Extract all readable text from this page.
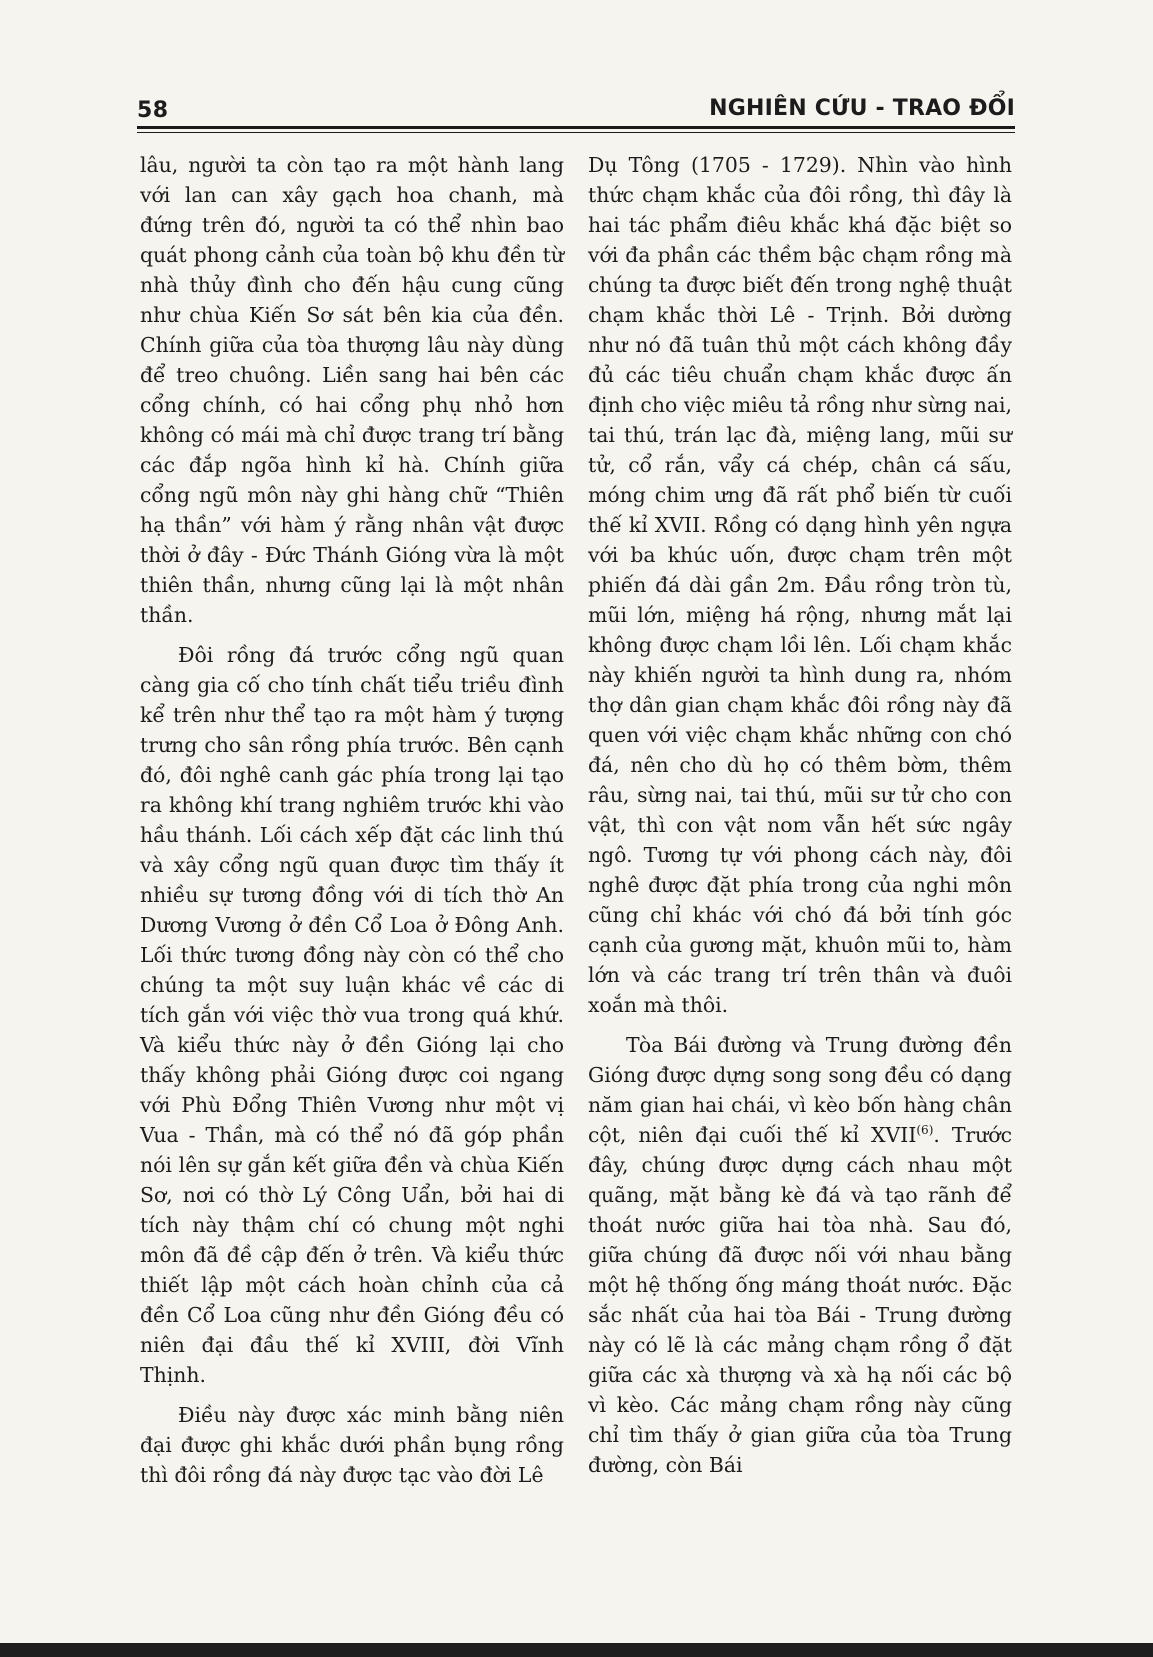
58	NGHIÊN CỨU - TRAO ĐỔI

lâu, người ta còn tạo ra một hành lang với lan can xây gạch hoa chanh, mà đứng trên đó, người ta có thể nhìn bao quát phong cảnh của toàn bộ khu đền từ nhà thủy đình cho đến hậu cung cũng như chùa Kiến Sơ sát bên kia của đền. Chính giữa của tòa thượng lâu này dùng để treo chuông. Liền sang hai bên các cổng chính, có hai cổng phụ nhỏ hơn không có mái mà chỉ được trang trí bằng các đắp ngõa hình kỉ hà. Chính giữa cổng ngũ môn này ghi hàng chữ “Thiên hạ thần” với hàm ý rằng nhân vật được thời ở đây - Đức Thánh Gióng vừa là một thiên thần, nhưng cũng lại là một nhân thần.

Đôi rồng đá trước cổng ngũ quan càng gia cố cho tính chất tiểu triều đình kể trên như thể tạo ra một hàm ý tượng trưng cho sân rồng phía trước. Bên cạnh đó, đôi nghê canh gác phía trong lại tạo ra không khí trang nghiêm trước khi vào hầu thánh. Lối cách xếp đặt các linh thú và xây cổng ngũ quan được tìm thấy ít nhiều sự tương đồng với di tích thờ An Dương Vương ở đền Cổ Loa ở Đông Anh. Lối thức tương đồng này còn có thể cho chúng ta một suy luận khác về các di tích gắn với việc thờ vua trong quá khứ. Và kiểu thức này ở đền Gióng lại cho thấy không phải Gióng được coi ngang với Phù Đổng Thiên Vương như một vị Vua - Thần, mà có thể nó đã góp phần nói lên sự gắn kết giữa đền và chùa Kiến Sơ, nơi có thờ Lý Công Uẩn, bởi hai di tích này thậm chí có chung một nghi môn đã đề cập đến ở trên. Và kiểu thức thiết lập một cách hoàn chỉnh của cả đền Cổ Loa cũng như đền Gióng đều có niên đại đầu thế kỉ XVIII, đời Vĩnh Thịnh.

Điều này được xác minh bằng niên đại được ghi khắc dưới phần bụng rồng thì đôi rồng đá này được tạc vào đời Lê

Dụ Tông (1705 - 1729). Nhìn vào hình thức chạm khắc của đôi rồng, thì đây là hai tác phẩm điêu khắc khá đặc biệt so với đa phần các thềm bậc chạm rồng mà chúng ta được biết đến trong nghệ thuật chạm khắc thời Lê - Trịnh. Bởi dường như nó đã tuân thủ một cách không đầy đủ các tiêu chuẩn chạm khắc được ấn định cho việc miêu tả rồng như sừng nai, tai thú, trán lạc đà, miệng lang, mũi sư tử, cổ rắn, vẩy cá chép, chân cá sấu, móng chim ưng đã rất phổ biến từ cuối thế kỉ XVII. Rồng có dạng hình yên ngựa với ba khúc uốn, được chạm trên một phiến đá dài gần 2m. Đầu rồng tròn tù, mũi lớn, miệng há rộng, nhưng mắt lại không được chạm lồi lên. Lối chạm khắc này khiến người ta hình dung ra, nhóm thợ dân gian chạm khắc đôi rồng này đã quen với việc chạm khắc những con chó đá, nên cho dù họ có thêm bờm, thêm râu, sừng nai, tai thú, mũi sư tử cho con vật, thì con vật nom vẫn hết sức ngây ngô. Tương tự với phong cách này, đôi nghê được đặt phía trong của nghi môn cũng chỉ khác với chó đá bởi tính góc cạnh của gương mặt, khuôn mũi to, hàm lớn và các trang trí trên thân và đuôi xoắn mà thôi.

Tòa Bái đường và Trung đường đền Gióng được dựng song song đều có dạng năm gian hai chái, vì kèo bốn hàng chân cột, niên đại cuối thế kỉ XVII$^{(6)}$. Trước đây, chúng được dựng cách nhau một quãng, mặt bằng kè đá và tạo rãnh để thoát nước giữa hai tòa nhà. Sau đó, giữa chúng đã được nối với nhau bằng một hệ thống ống máng thoát nước. Đặc sắc nhất của hai tòa Bái - Trung đường này có lẽ là các mảng chạm rồng ổ đặt giữa các xà thượng và xà hạ nối các bộ vì kèo. Các mảng chạm rồng này cũng chỉ tìm thấy ở gian giữa của tòa Trung đường, còn Bái
